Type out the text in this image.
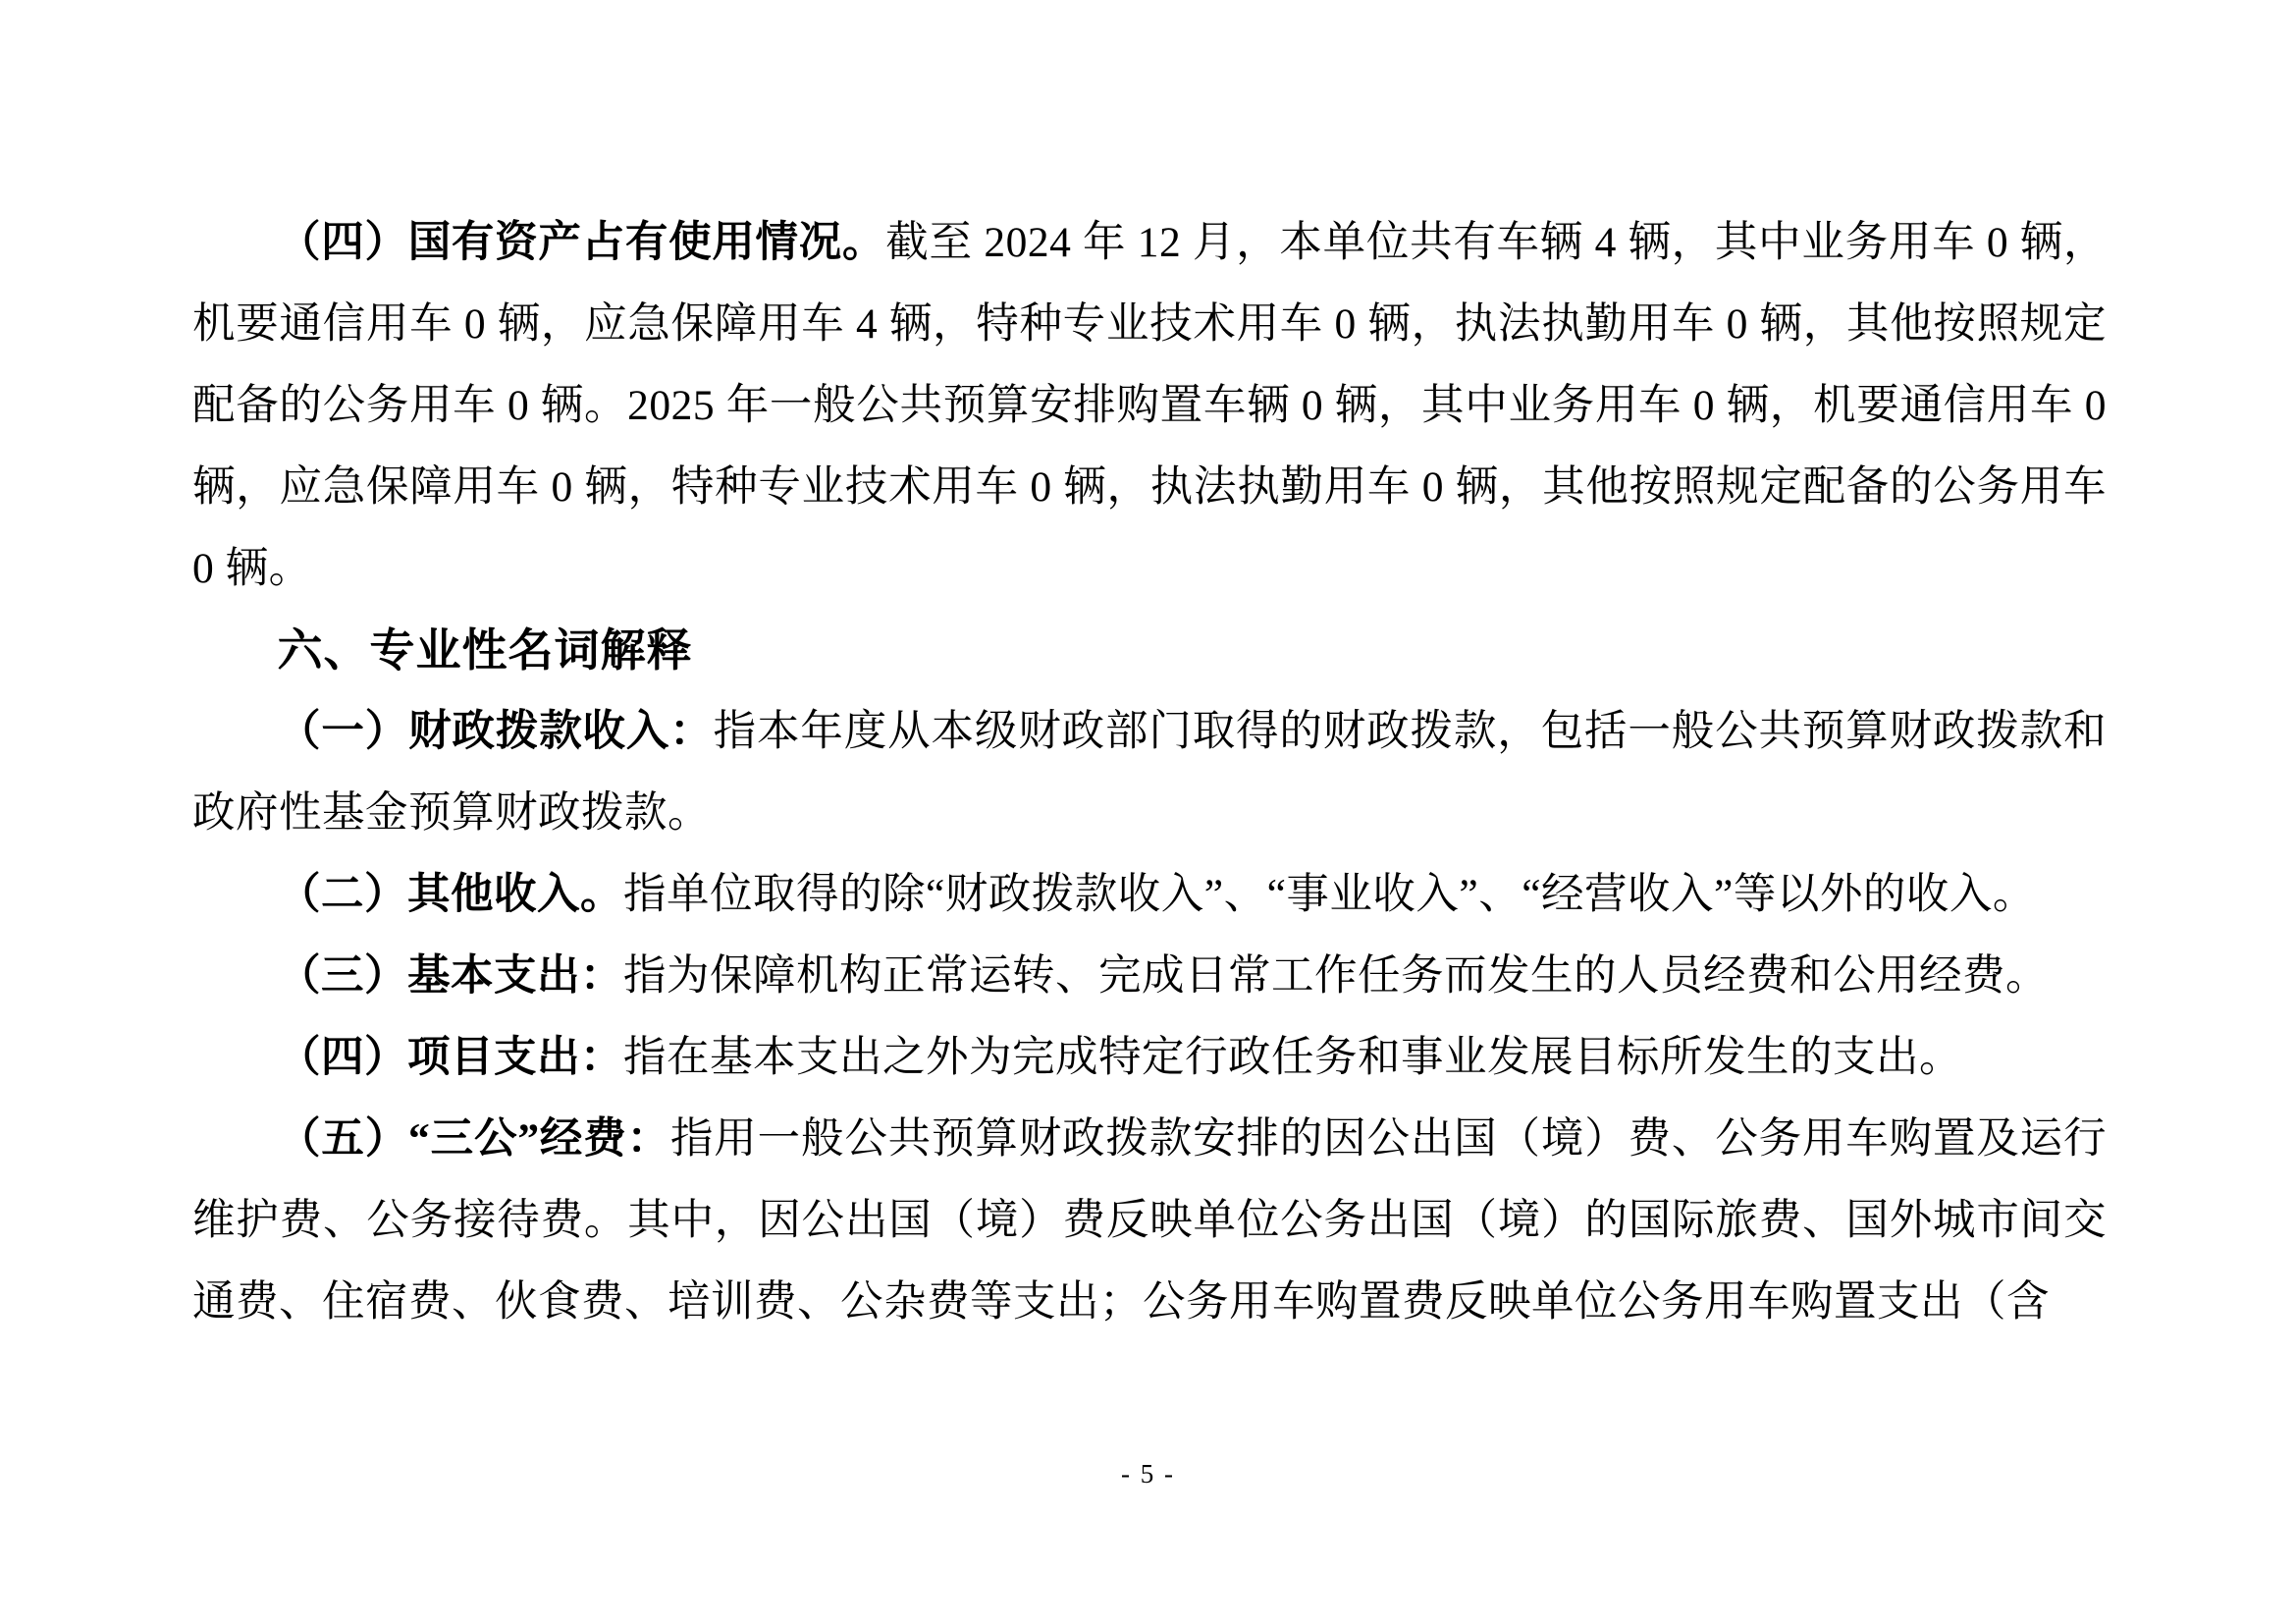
（四）国有资产占有使用情况。截至 2024 年 12 月，本单位共有车辆 4 辆，其中业务用车 0 辆，机要通信用车 0 辆，应急保障用车 4 辆，特种专业技术用车 0 辆，执法执勤用车 0 辆，其他按照规定配备的公务用车 0 辆。2025 年一般公共预算安排购置车辆 0 辆，其中业务用车 0 辆，机要通信用车 0 辆，应急保障用车 0 辆，特种专业技术用车 0 辆，执法执勤用车 0 辆，其他按照规定配备的公务用车 0 辆。

六、专业性名词解释

（一）财政拨款收入：指本年度从本级财政部门取得的财政拨款，包括一般公共预算财政拨款和政府性基金预算财政拨款。

（二）其他收入。指单位取得的除“财政拨款收入”、“事业收入”、“经营收入”等以外的收入。

（三）基本支出：指为保障机构正常运转、完成日常工作任务而发生的人员经费和公用经费。

（四）项目支出：指在基本支出之外为完成特定行政任务和事业发展目标所发生的支出。

（五）“三公”经费：指用一般公共预算财政拨款安排的因公出国（境）费、公务用车购置及运行维护费、公务接待费。其中，因公出国（境）费反映单位公务出国（境）的国际旅费、国外城市间交通费、住宿费、伙食费、培训费、公杂费等支出；公务用车购置费反映单位公务用车购置支出（含

- 5 -
